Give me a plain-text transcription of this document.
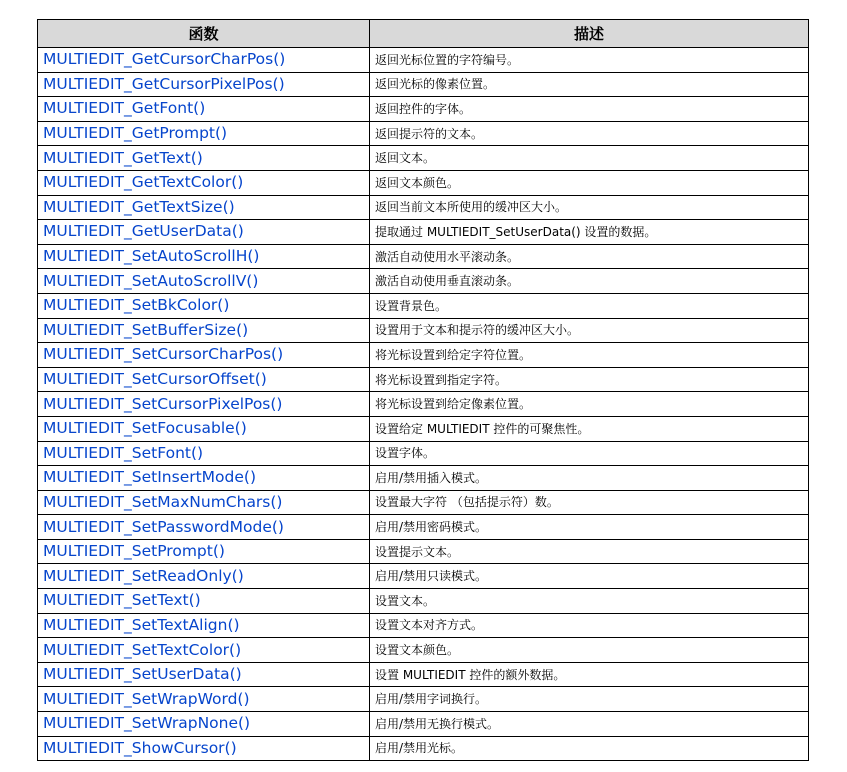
函数	描述
MULTIEDIT_GetCursorCharPos()	返回光标位置的字符编号。
MULTIEDIT_GetCursorPixelPos()	返回光标的像素位置。
MULTIEDIT_GetFont()	返回控件的字体。
MULTIEDIT_GetPrompt()	返回提示符的文本。
MULTIEDIT_GetText()	返回文本。
MULTIEDIT_GetTextColor()	返回文本颜色。
MULTIEDIT_GetTextSize()	返回当前文本所使用的缓冲区大小。
MULTIEDIT_GetUserData()	提取通过 MULTIEDIT_SetUserData() 设置的数据。
MULTIEDIT_SetAutoScrollH()	激活自动使用水平滚动条。
MULTIEDIT_SetAutoScrollV()	激活自动使用垂直滚动条。
MULTIEDIT_SetBkColor()	设置背景色。
MULTIEDIT_SetBufferSize()	设置用于文本和提示符的缓冲区大小。
MULTIEDIT_SetCursorCharPos()	将光标设置到给定字符位置。
MULTIEDIT_SetCursorOffset()	将光标设置到指定字符。
MULTIEDIT_SetCursorPixelPos()	将光标设置到给定像素位置。
MULTIEDIT_SetFocusable()	设置给定 MULTIEDIT 控件的可聚焦性。
MULTIEDIT_SetFont()	设置字体。
MULTIEDIT_SetInsertMode()	启用/禁用插入模式。
MULTIEDIT_SetMaxNumChars()	设置最大字符 （包括提示符）数。
MULTIEDIT_SetPasswordMode()	启用/禁用密码模式。
MULTIEDIT_SetPrompt()	设置提示文本。
MULTIEDIT_SetReadOnly()	启用/禁用只读模式。
MULTIEDIT_SetText()	设置文本。
MULTIEDIT_SetTextAlign()	设置文本对齐方式。
MULTIEDIT_SetTextColor()	设置文本颜色。
MULTIEDIT_SetUserData()	设置 MULTIEDIT 控件的额外数据。
MULTIEDIT_SetWrapWord()	启用/禁用字词换行。
MULTIEDIT_SetWrapNone()	启用/禁用无换行模式。
MULTIEDIT_ShowCursor()	启用/禁用光标。
